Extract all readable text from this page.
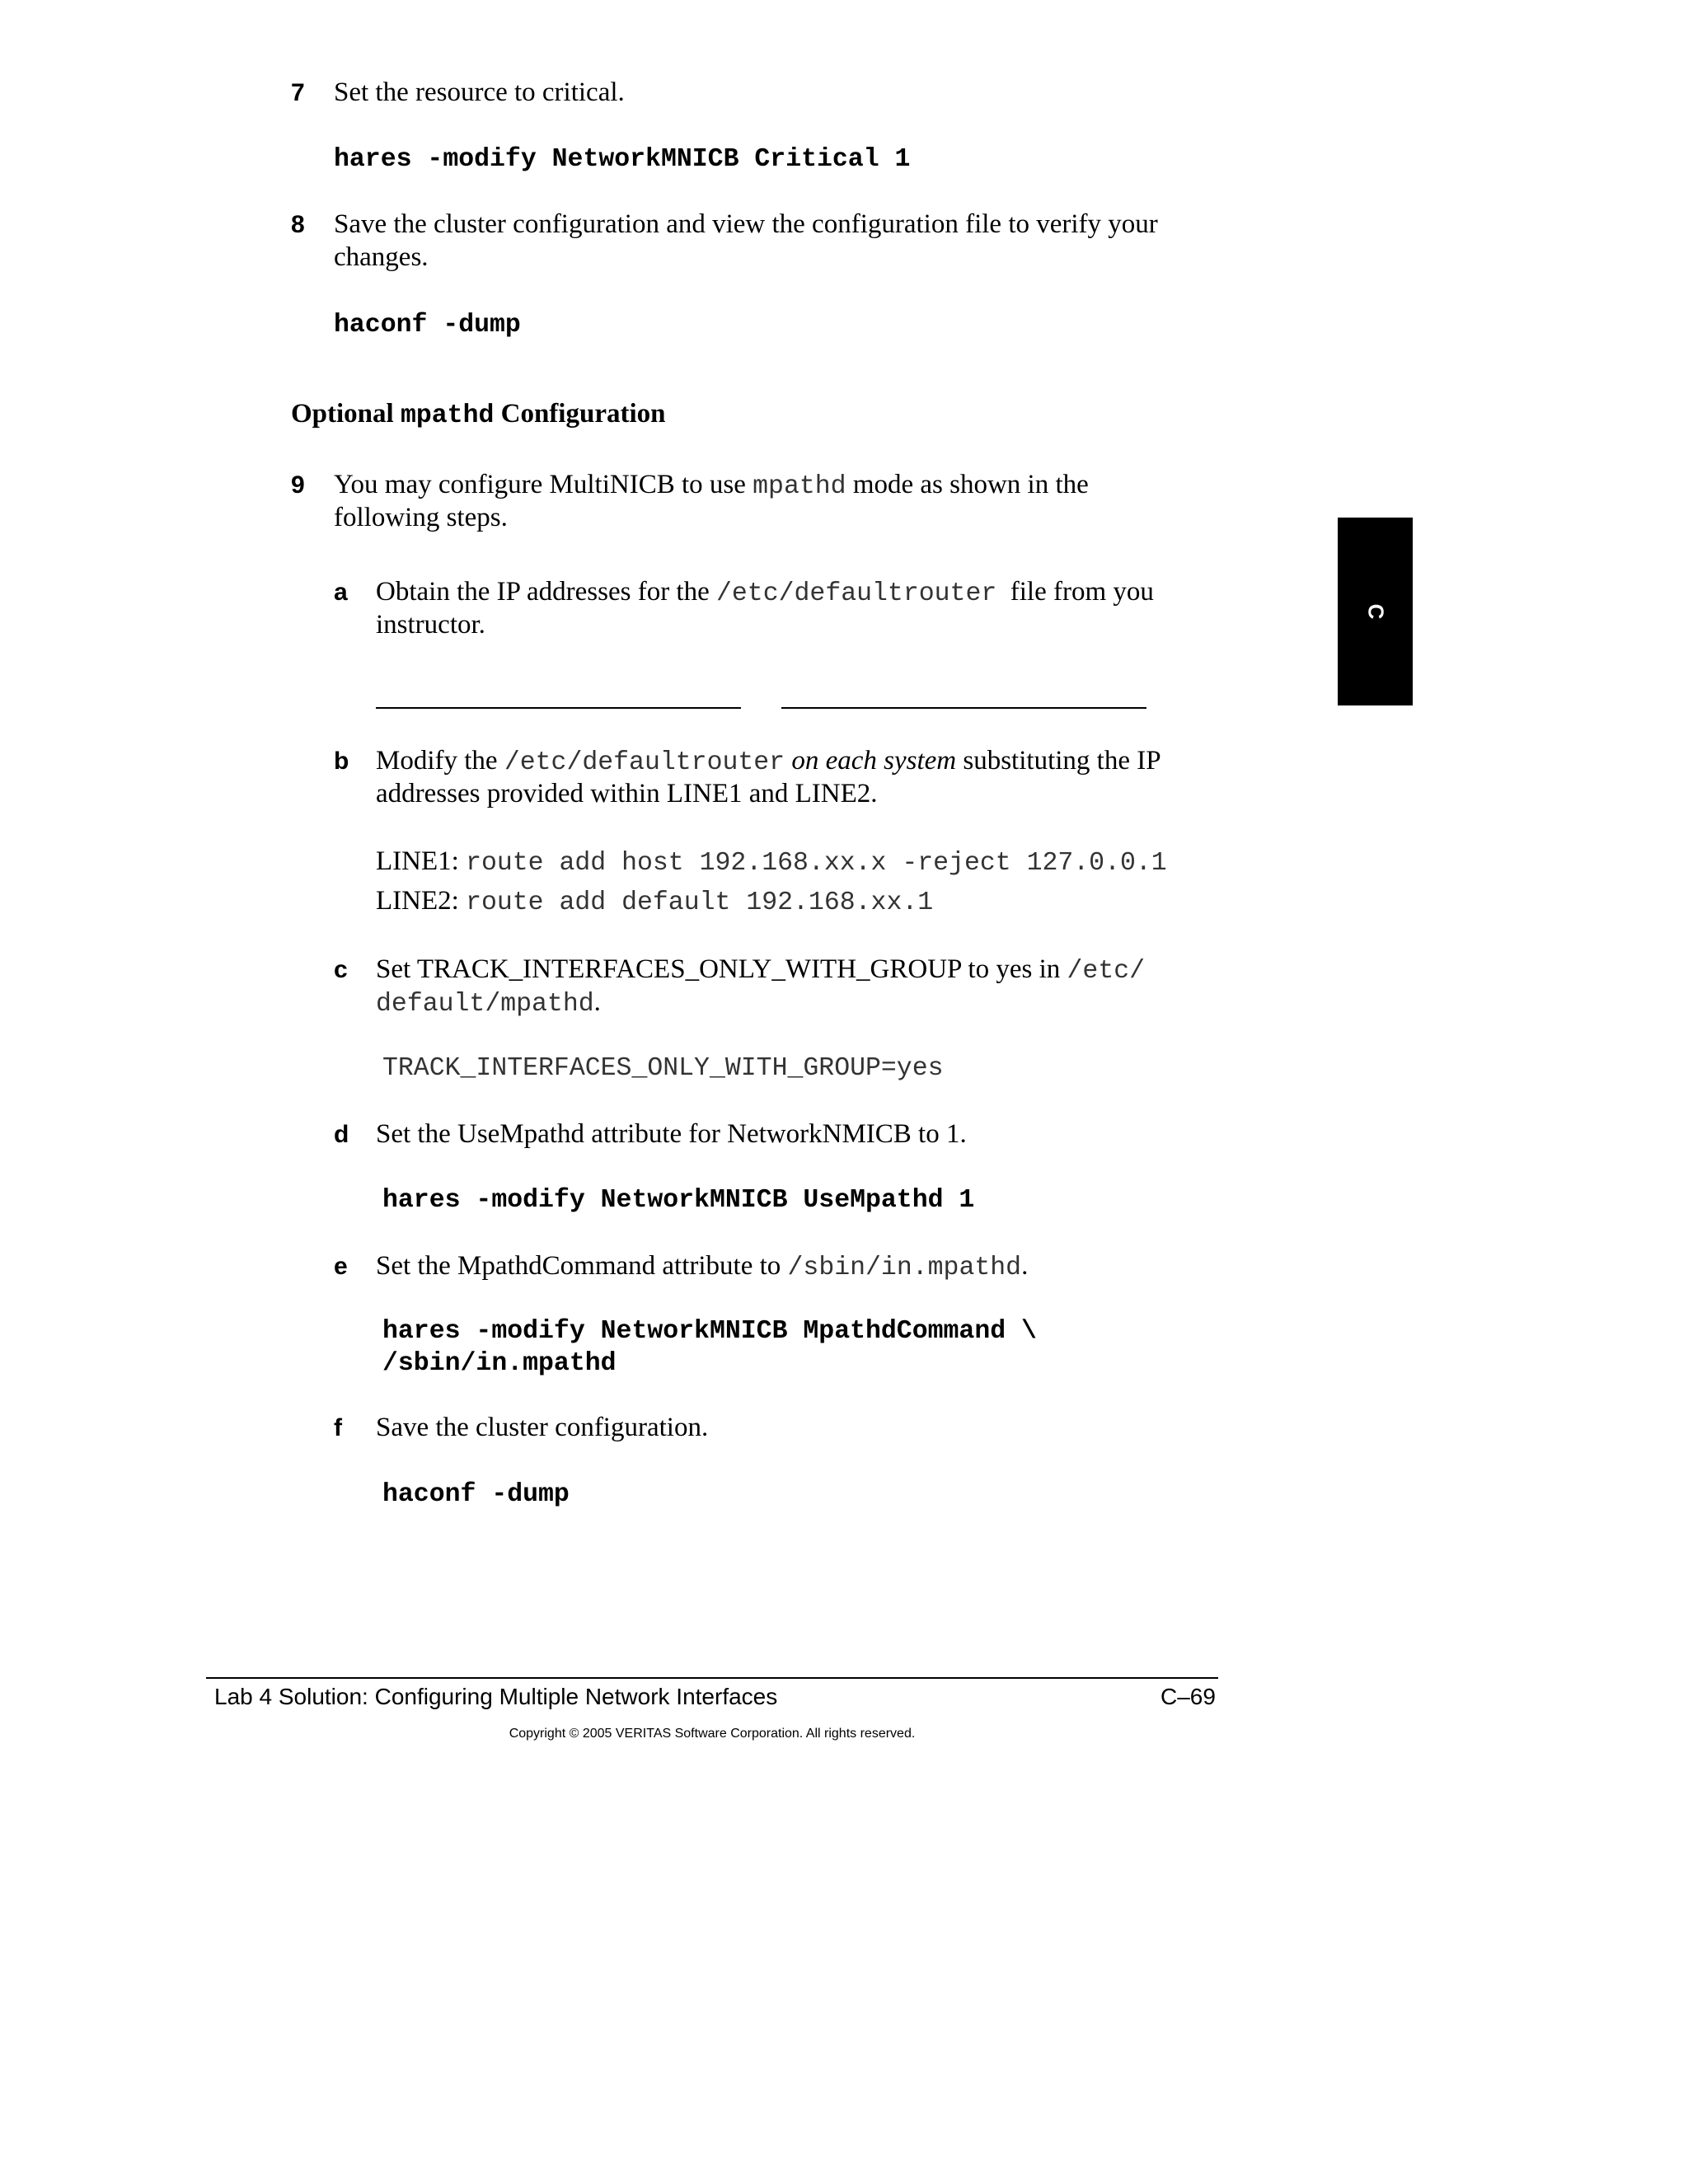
C
7 Set the resource to critical.
hares -modify NetworkMNICB Critical 1
8 Save the cluster configuration and view the configuration file to verify your
changes.
haconf -dump
Optional mpathd Configuration
9 You may configure MultiNICB to use mpathd mode as shown in the
following steps.
a Obtain the IP addresses for the /etc/defaultrouter  file from you
instructor.
b Modify the /etc/defaultrouter on each system substituting the IP
addresses provided within LINE1 and LINE2.
LINE1: route add host 192.168.xx.x -reject 127.0.0.1
LINE2: route add default 192.168.xx.1
c Set TRACK_INTERFACES_ONLY_WITH_GROUP to yes in /etc/
default/mpathd.
TRACK_INTERFACES_ONLY_WITH_GROUP=yes
d Set the UseMpathd attribute for NetworkNMICB to 1.
hares -modify NetworkMNICB UseMpathd 1
e Set the MpathdCommand attribute to /sbin/in.mpathd.
hares -modify NetworkMNICB MpathdCommand \
/sbin/in.mpathd
f Save the cluster configuration.
haconf -dump
Lab 4 Solution: Configuring Multiple Network Interfaces	C–69
Copyright © 2005 VERITAS Software Corporation. All rights reserved.
